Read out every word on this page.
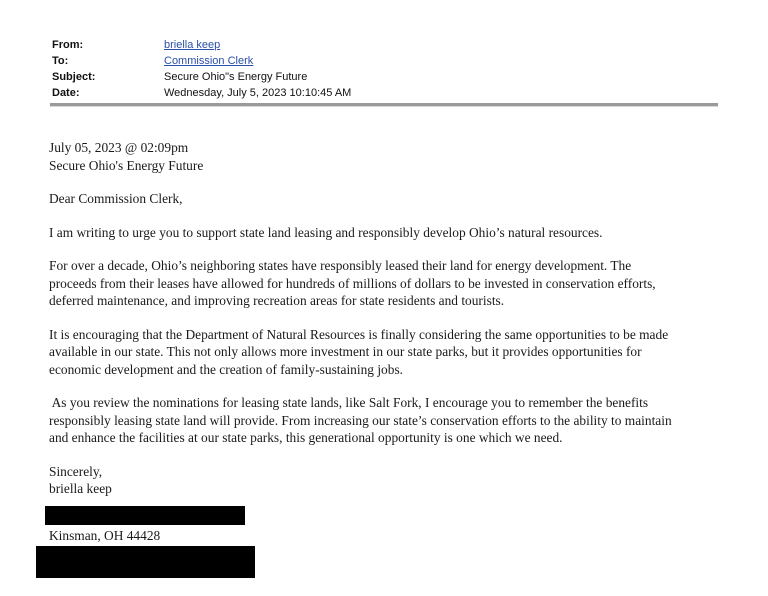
From:	briella keep
To:	Commission Clerk
Subject:	Secure Ohio"s Energy Future
Date:	Wednesday, July 5, 2023 10:10:45 AM

July 05, 2023 @ 02:09pm

Secure Ohio's Energy Future

Dear Commission Clerk,

I am writing to urge you to support state land leasing and responsibly develop Ohio’s natural resources.

For over a decade, Ohio’s neighboring states have responsibly leased their land for energy development. The

proceeds from their leases have allowed for hundreds of millions of dollars to be invested in conservation efforts,

deferred maintenance, and improving recreation areas for state residents and tourists.

It is encouraging that the Department of Natural Resources is finally considering the same opportunities to be made

available in our state. This not only allows more investment in our state parks, but it provides opportunities for

economic development and the creation of family-sustaining jobs.

As you review the nominations for leasing state lands, like Salt Fork, I encourage you to remember the benefits

responsibly leasing state land will provide. From increasing our state’s conservation efforts to the ability to maintain

and enhance the facilities at our state parks, this generational opportunity is one which we need.

Sincerely,

briella keep

Kinsman, OH 44428
